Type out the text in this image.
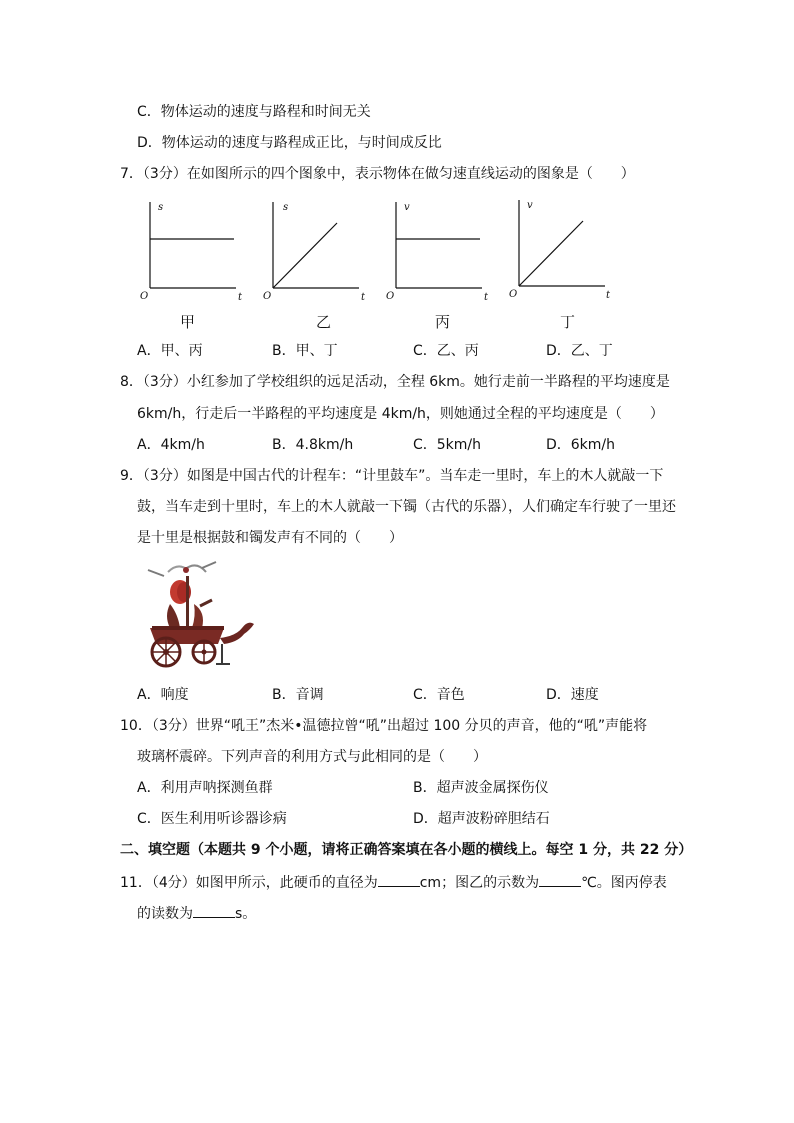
C．物体运动的速度与路程和时间无关
D．物体运动的速度与路程成正比，与时间成反比
7．（3分）在如图所示的四个图象中，表示物体在做匀速直线运动的图象是（　　）
s
t
O
s
t
O
v
t
O
v
t
O
甲	乙	丙	丁
A．甲、丙	B．甲、丁	C．乙、丙	D．乙、丁
8．（3分）小红参加了学校组织的远足活动，全程 6km。她行走前一半路程的平均速度是
6km/h，行走后一半路程的平均速度是 4km/h，则她通过全程的平均速度是（　　）
A．4km/h	B．4.8km/h	C．5km/h	D．6km/h
9．（3分）如图是中国古代的计程车：“计里鼓车”。当车走一里时，车上的木人就敲一下
鼓，当车走到十里时，车上的木人就敲一下镯（古代的乐器），人们确定车行驶了一里还
是十里是根据鼓和镯发声有不同的（　　）
A．响度	B．音调	C．音色	D．速度
10．（3分）世界“吼王”杰米•温德拉曾“吼”出超过 100 分贝的声音，他的“吼”声能将
玻璃杯震碎。下列声音的利用方式与此相同的是（　　）
A．利用声呐探测鱼群	B．超声波金属探伤仪
C．医生利用听诊器诊病	D．超声波粉碎胆结石
二、填空题（本题共 9 个小题，请将正确答案填在各小题的横线上。每空 1 分，共 22 分）
11．（4分）如图甲所示，此硬币的直径为	cm；图乙的示数为	℃。图丙停表
的读数为	s。
